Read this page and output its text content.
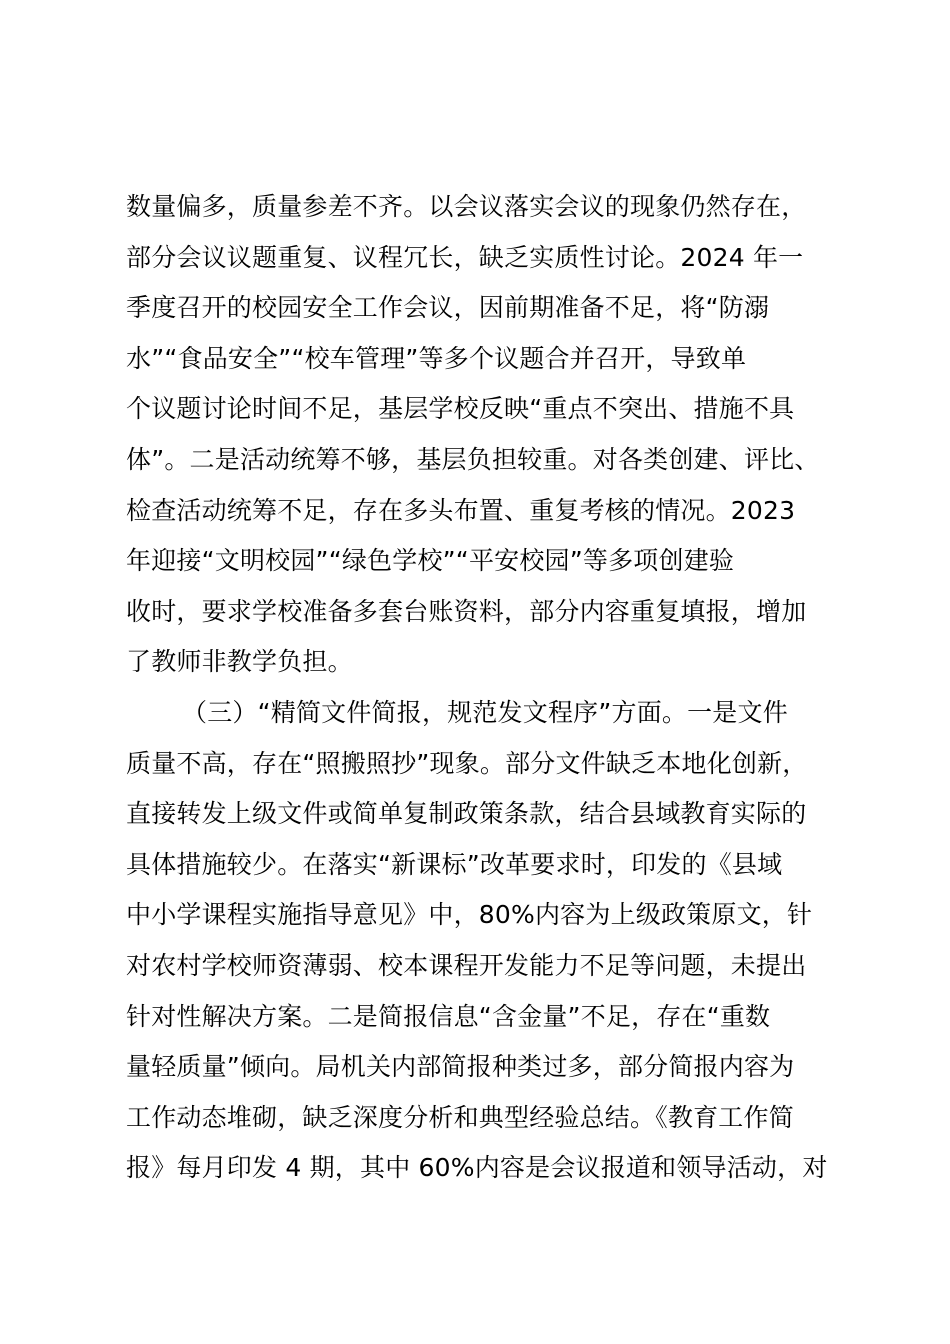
数量偏多，质量参差不齐。以会议落实会议的现象仍然存在，
部分会议议题重复、议程冗长，缺乏实质性讨论。2024 年一
季度召开的校园安全工作会议，因前期准备不足，将“防溺
水”“食品安全”“校车管理”等多个议题合并召开，导致单
个议题讨论时间不足，基层学校反映“重点不突出、措施不具
体”。二是活动统筹不够，基层负担较重。对各类创建、评比、
检查活动统筹不足，存在多头布置、重复考核的情况。2023
年迎接“文明校园”“绿色学校”“平安校园”等多项创建验
收时，要求学校准备多套台账资料，部分内容重复填报，增加
了教师非教学负担。
（三）“精简文件简报，规范发文程序”方面。一是文件
质量不高，存在“照搬照抄”现象。部分文件缺乏本地化创新，
直接转发上级文件或简单复制政策条款，结合县域教育实际的
具体措施较少。在落实“新课标”改革要求时，印发的《县域
中小学课程实施指导意见》中，80%内容为上级政策原文，针
对农村学校师资薄弱、校本课程开发能力不足等问题，未提出
针对性解决方案。二是简报信息“含金量”不足，存在“重数
量轻质量”倾向。局机关内部简报种类过多，部分简报内容为
工作动态堆砌，缺乏深度分析和典型经验总结。《教育工作简
报》每月印发 4 期，其中 60%内容是会议报道和领导活动，对
